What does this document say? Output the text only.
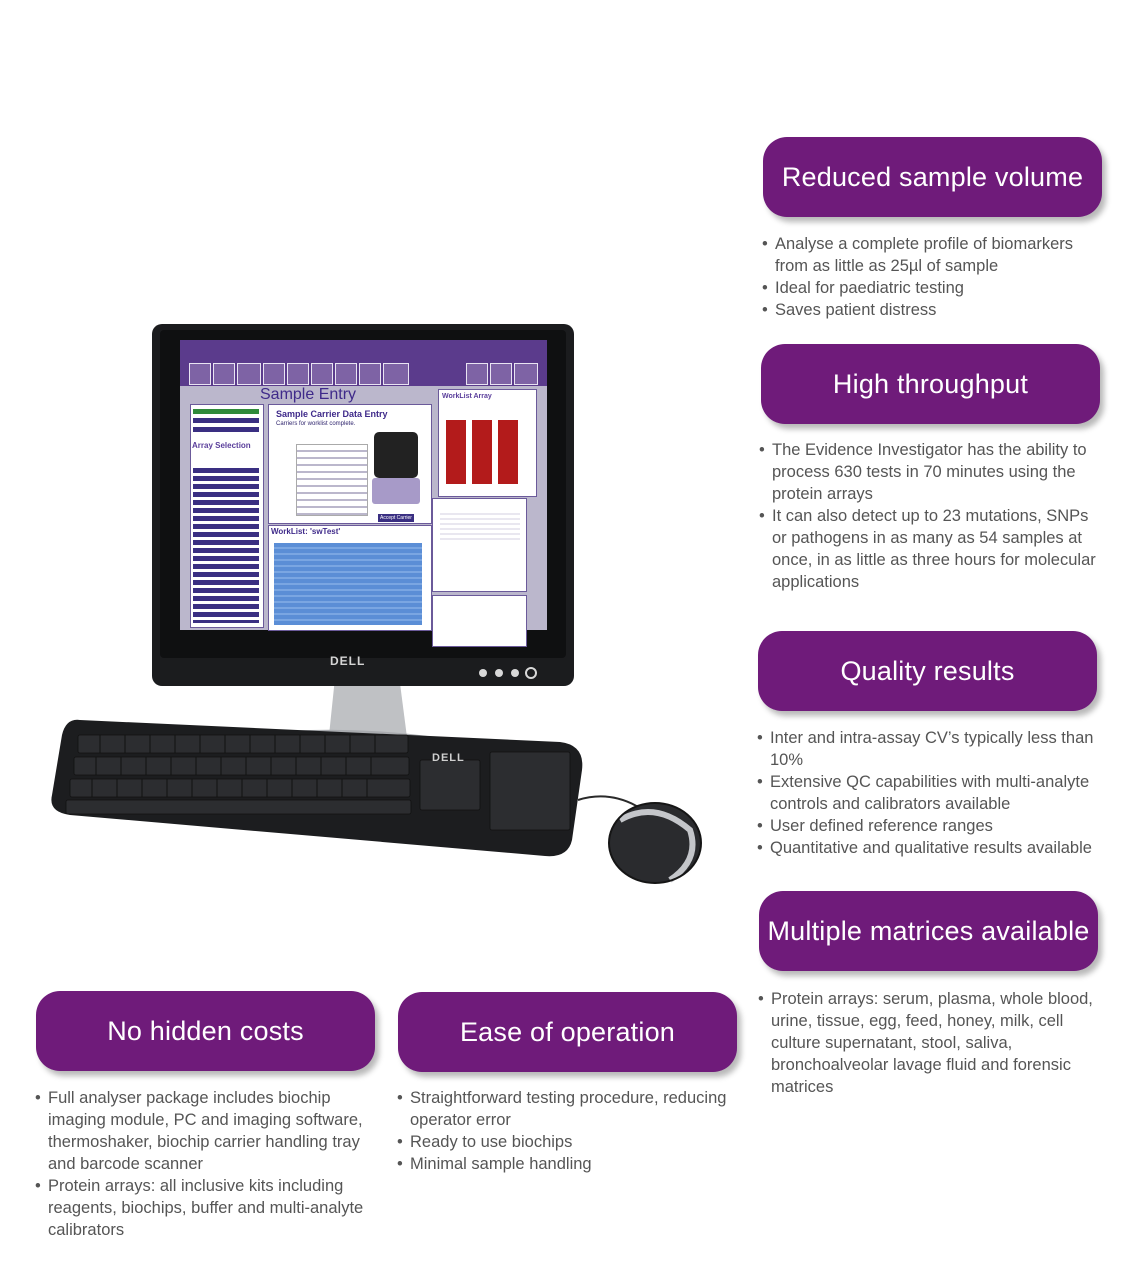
Reduced sample volume
• Analyse a complete profile of biomarkers from as little as 25µl of sample
• Ideal for paediatric testing
• Saves patient distress
High throughput
• The Evidence Investigator has the ability to process 630 tests in 70 minutes using the protein arrays
• It can also detect up to 23 mutations, SNPs or pathogens in as many as 54 samples at once, in as little as three hours for molecular applications
Quality results
• Inter and intra-assay CV’s typically less than 10%
• Extensive QC capabilities with multi-analyte controls and calibrators available
• User defined reference ranges
• Quantitative and qualitative results available
Multiple matrices available
• Protein arrays: serum, plasma, whole blood, urine, tissue, egg, feed, honey, milk, cell culture supernatant, stool, saliva, bronchoalveolar lavage fluid and forensic matrices
No hidden costs
• Full analyser package includes biochip imaging module, PC and imaging software, thermoshaker, biochip carrier handling tray and barcode scanner
• Protein arrays: all inclusive kits including reagents, biochips, buffer and multi-analyte calibrators
Ease of operation
• Straightforward testing procedure, reducing operator error
• Ready to use biochips
• Minimal sample handling
DELL
DELL
Sample Entry
Array Selection
Sample Carrier Data Entry
Carriers for worklist complete.
Accept Carrier
WorkList: 'swTest'
WorkList Array
